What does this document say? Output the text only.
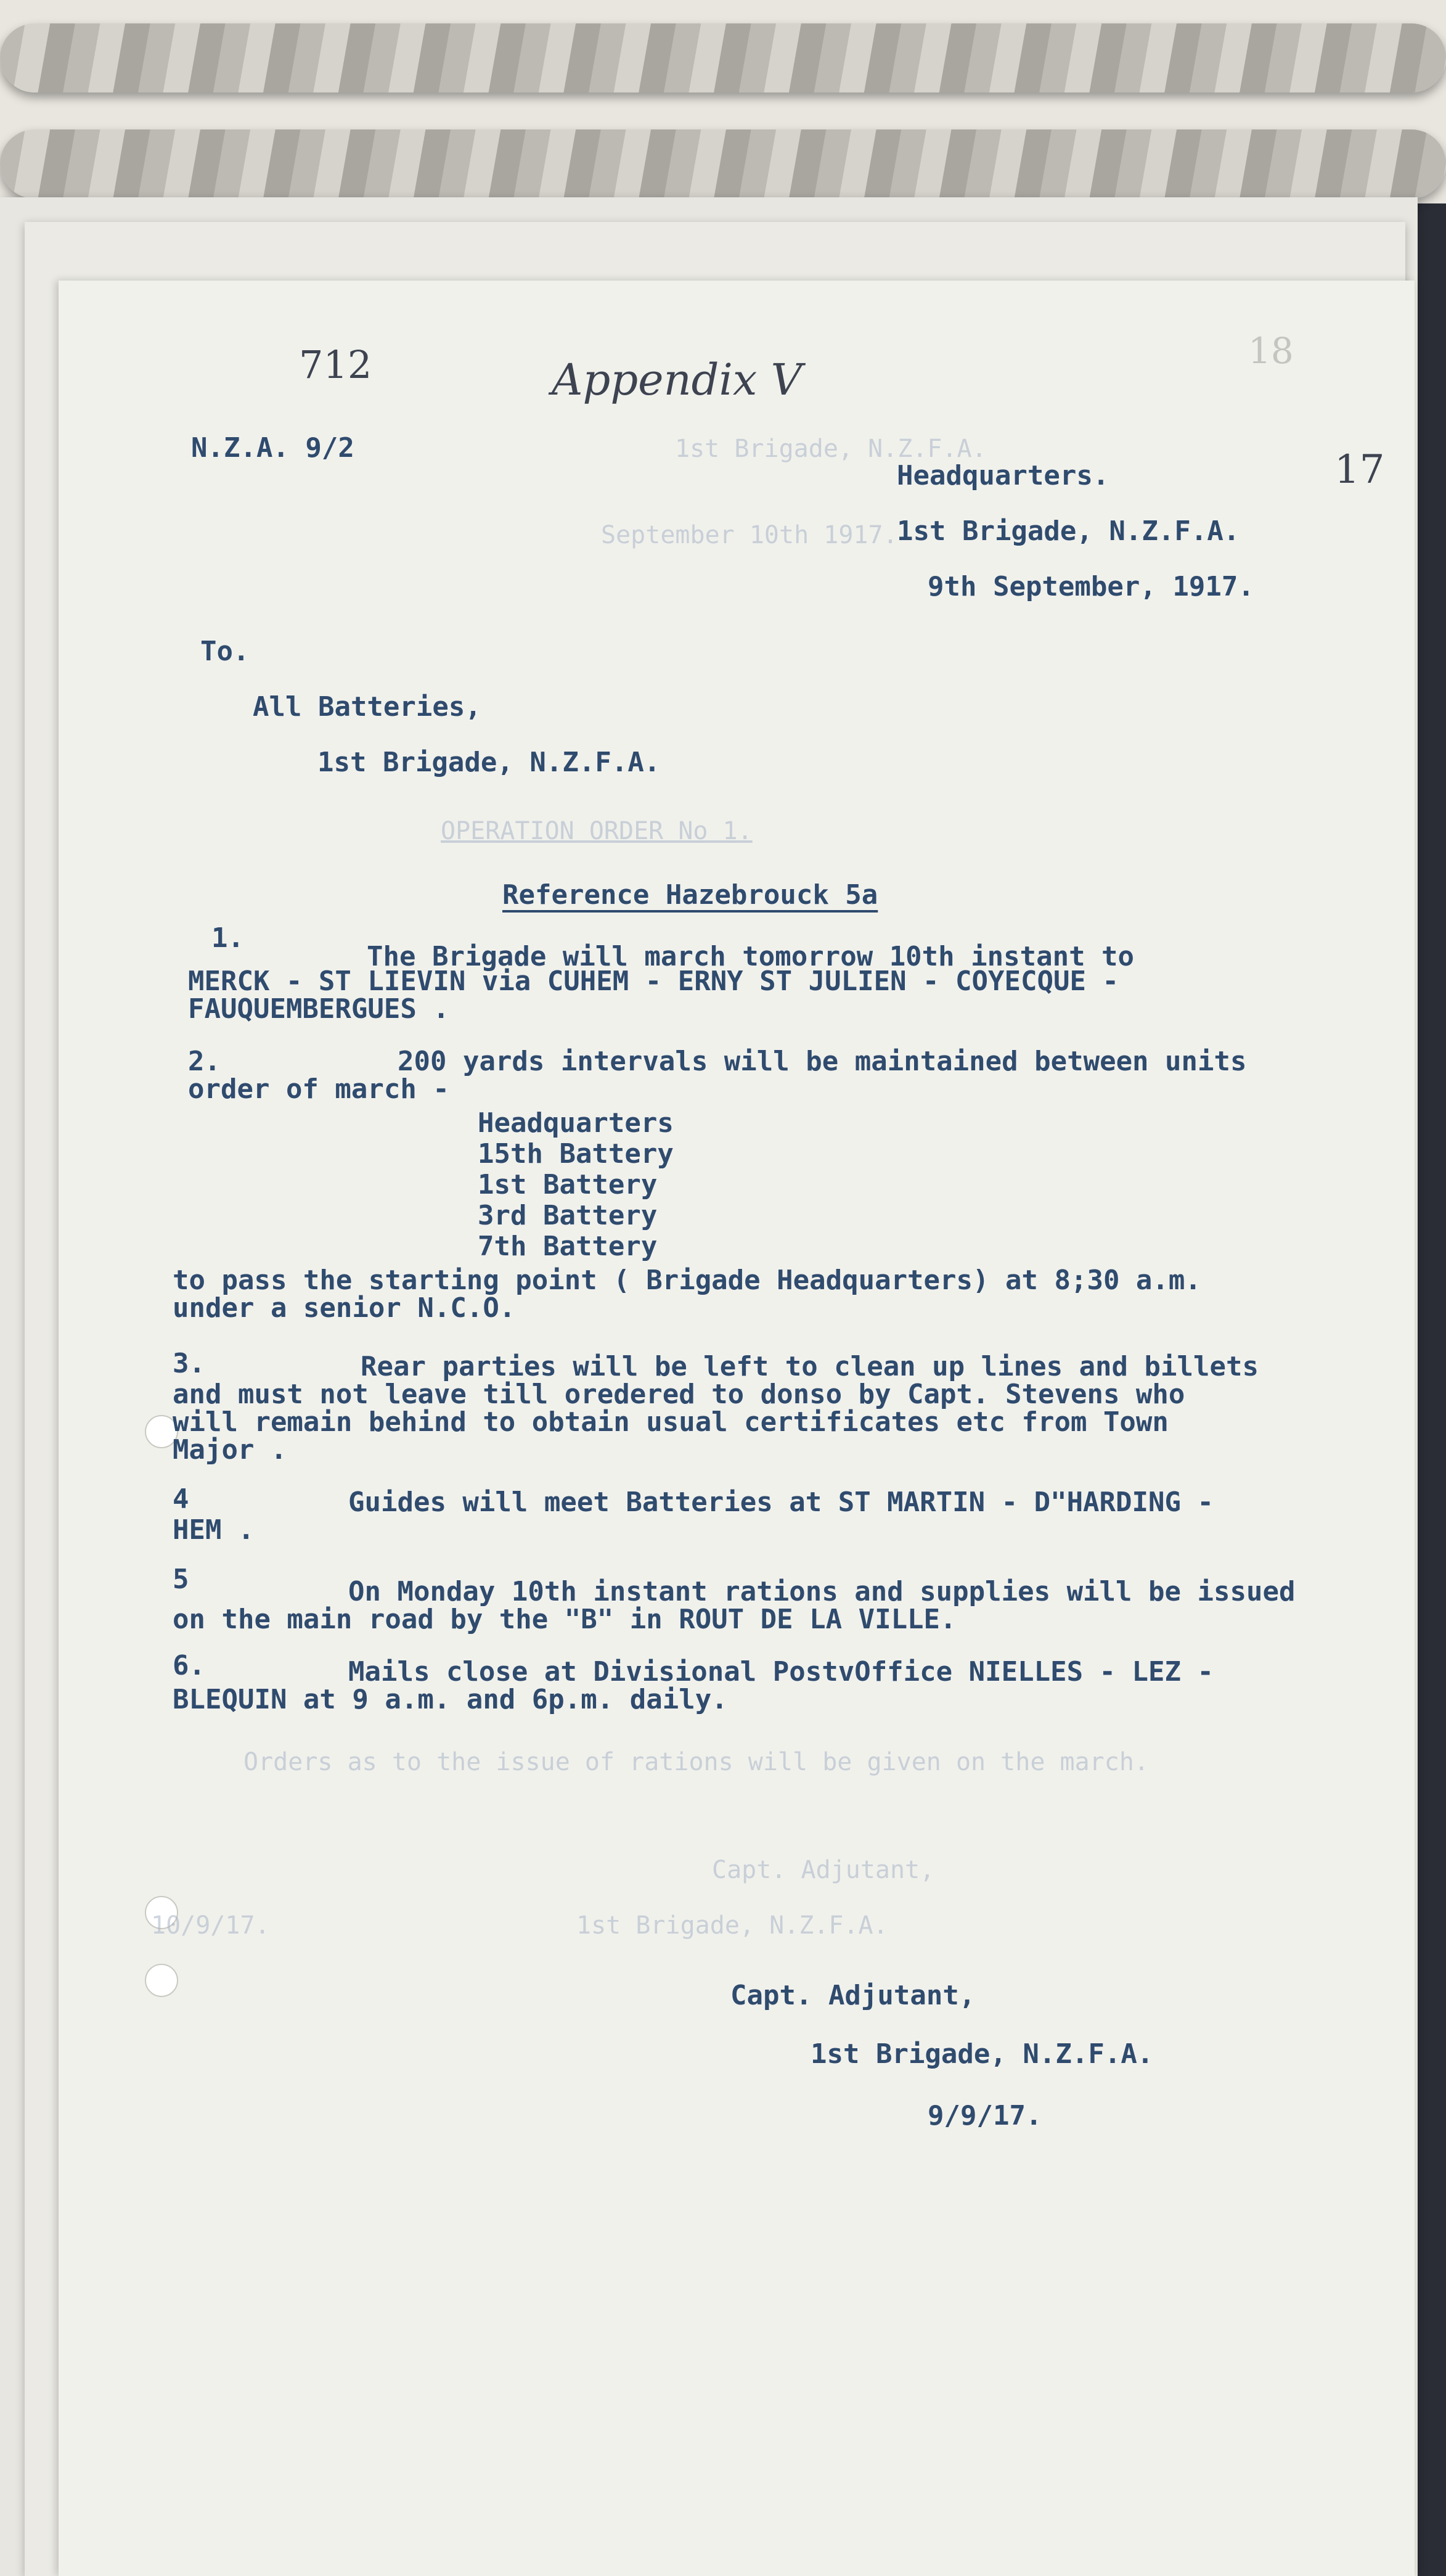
712	Appendix V
18
17
1st Brigade, N.Z.F.A.
September 10th 1917.
OPERATION ORDER No 1.
N.Z.A. 9/2
Headquarters.
1st Brigade, N.Z.F.A.
9th September, 1917.
To.
All Batteries,
1st Brigade, N.Z.F.A.
Reference Hazebrouck 5a
1.
The Brigade will march tomorrow 10th instant to
MERCK - ST LIEVIN via CUHEM - ERNY ST JULIEN - COYECQUE -
FAUQUEMBERGUES .
2.	200 yards intervals will be maintained between units
order of march -
Headquarters
15th Battery
1st Battery
3rd Battery
7th Battery
to pass the starting point ( Brigade Headquarters) at 8;30 a.m.
under a senior N.C.O.
3.	Rear parties will be left to clean up lines and billets
and must not leave till oredered to donso by Capt. Stevens who
will remain behind to obtain usual certificates etc from Town
Major .
4	Guides will meet Batteries at ST MARTIN - D"HARDING -
HEM .
5	On Monday 10th instant rations and supplies will be issued
on the main road by the "B" in ROUT DE LA VILLE.
6.	Mails close at Divisional PostvOffice NIELLES - LEZ -
BLEQUIN at 9 a.m. and 6p.m. daily.
Orders as to the issue of rations will be given on the march.
Capt. Adjutant,
10/9/17.	1st Brigade, N.Z.F.A.
Capt. Adjutant,
1st Brigade, N.Z.F.A.
9/9/17.
